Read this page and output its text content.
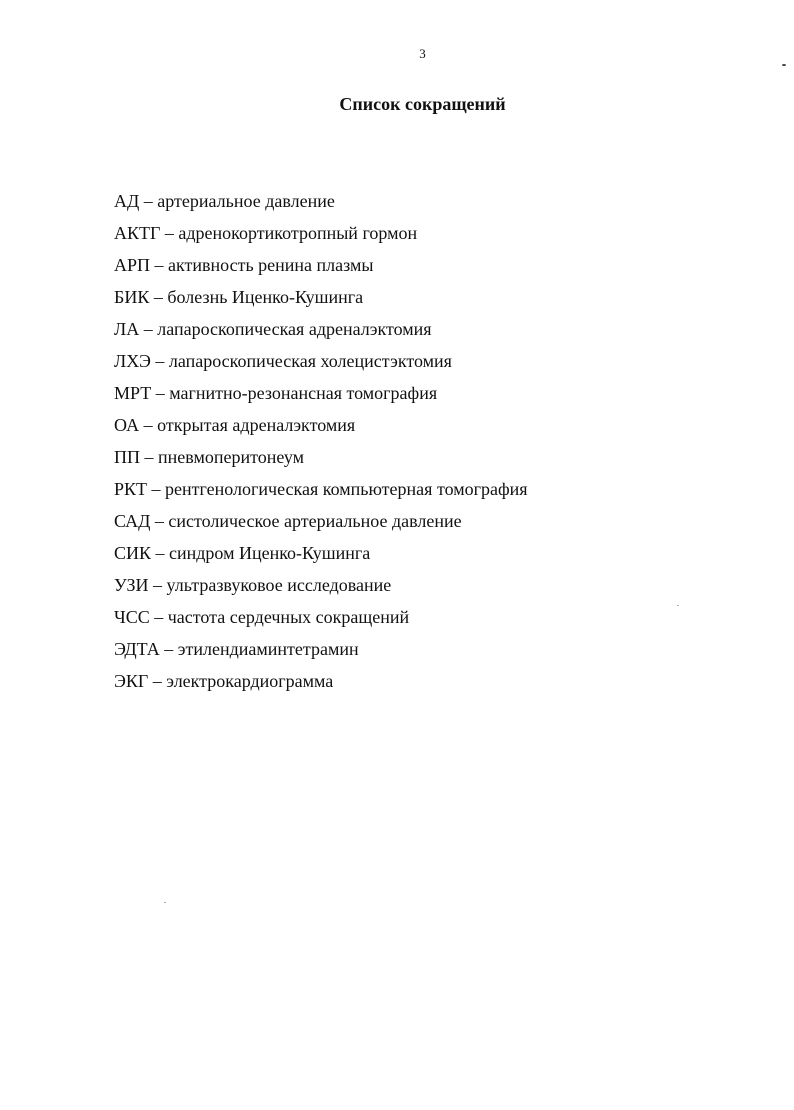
3
Список сокращений
АД – артериальное давление
АКТГ – адренокортикотропный гормон
АРП – активность ренина плазмы
БИК – болезнь Иценко-Кушинга
ЛА – лапароскопическая адреналэктомия
ЛХЭ – лапароскопическая холецистэктомия
МРТ – магнитно-резонансная томография
ОА – открытая адреналэктомия
ПП – пневмоперитонеум
РКТ – рентгенологическая компьютерная томография
САД – систолическое артериальное давление
СИК – синдром Иценко-Кушинга
УЗИ – ультразвуковое исследование
ЧСС – частота сердечных сокращений
ЭДТА – этилендиаминтетрамин
ЭКГ – электрокардиограмма
